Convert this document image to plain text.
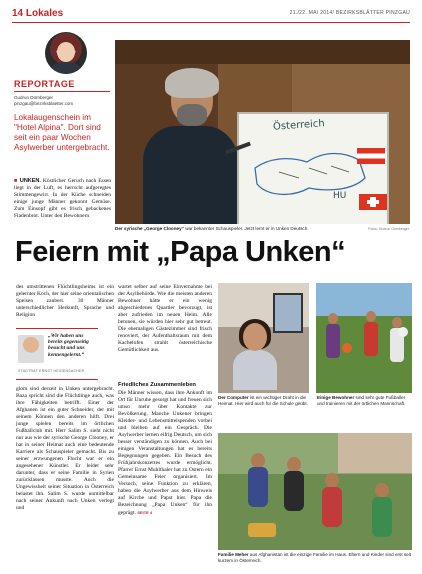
14 Lokales	21./22. MAI 2014/ BEZIRKSBLÄTTER PINZGAU
REPORTAGE
Gudrun Dürnberger
pinzgau@bezirksblaetter.com
Lokalaugenschein im "Hotel Alpina". Dort sind seit ein paar Wochen Asylwerber untergebracht.
■ UNKEN. Köstlicher Geruch nach Essen liegt in der Luft, es herrscht aufgeregtes Stimmengewirr. In der Küche schneiden einige junge Männer gekonnt Gemüse. Zum Einsopf gibt es frisch gebackenes Fladenbrot. Unter den Bewohnern
Österreich
HU
Der syrische „George Clooney“ war bekannter Schauspieler. Jetzt lernt er in Unken Deutsch.	Fotos: Gudrun Dürnberger
Feiern mit „Papa Unken“
des umstrittenen Flüchtlingsheims ist ein gelernter Koch, der hier seine orientalischen Speisen zaubert. 30 Männer unterschiedlicher Herkunft, Sprache und Religion
„Wir haben uns bereits gegenseitig besucht und uns kennengelernt.“
STADTRAT ERNST HEIDENSACHER
glom sind derzeit in Unken untergebracht. Baza spricht sind die Flüchtlinge auch, was ihre Fähigkeiten betrifft. Einer der Afghanen ist ein guter Schneider, der mit seinem Können den anderen hilft. Drei junge spielen bereits im örtlichen Fußballclub mit. Herr Salim S. sieht nicht nur aus wie der syrische George Clooney, er hat in seiner Heimat auch eine bedeutende Karriere als Schauspieler gemacht. Bis zu seiner erzwungenen Flucht war er ein angesehener Künstler. Er leidet sehr darunter, dass er seine Familie in Syrien zurücklassen musste. Auch die Ungewissheit seiner Situation in Österreich belastet ihn. Salim S. wurde unmittelbar nach seiner Ankunft nach Unken verlegt und
wartet selber auf seine Einvernahme bei der Asylbehörde. Wie die meisten anderen Bewohner hätte er ein wenig abgeschiedenes Quartier bevorzugt, ist aber zufrieden im neuen Heim. Alle betonen, sie würden hier sehr gut betreut. Die ehemaligen Gästezimmer sind frisch renoviert, der Aufenthaltsraum mit dem Kachelofen strahlt österreichische Gemütlichkeit aus.
Friedliches Zusammenleben
Die Männer wissen, dass ihre Ankunft im Ort für Unruhe gesorgt hat und freuen sich umso mehr über Kontakte zur Bevölkerung. Manche Unkener bringen Kleider- und Lebensmittelspenden vorbei und bleiben auf ein Gespräch. Die Asylwerber lernen eifrig Deutsch, um sich besser verständigen zu können. Auch bei einigen Veranstaltungen hat es bereits Begegnungen gegeben. Ein Besuch des Frühjahrskonzertes wurde ermöglicht. Pfarrer Ernst Muhlthaler hat zu Ostern ein Gemeinsame Feier organisiert. Im Versuch, seine Funktion zu erklären, haben die Asylwerber aus dem Hinweis auf Kirche und Papst hier. Papa die Bezeichnung „Papa Unken“ für ihn geprägt. SEITE 4
Der Computer ist ein wichtiger Draht in die Heimat. Hier wird auch für die Schule geübt.
Einige Bewohner sind sehr gute Fußballer und trainieren mit der örtlichen Mannschaft.
Familie Meher aus Afghanistan ist die einzige Familie im Haus. Eltern und Kinder sind erst seit kurzem in Österreich.
